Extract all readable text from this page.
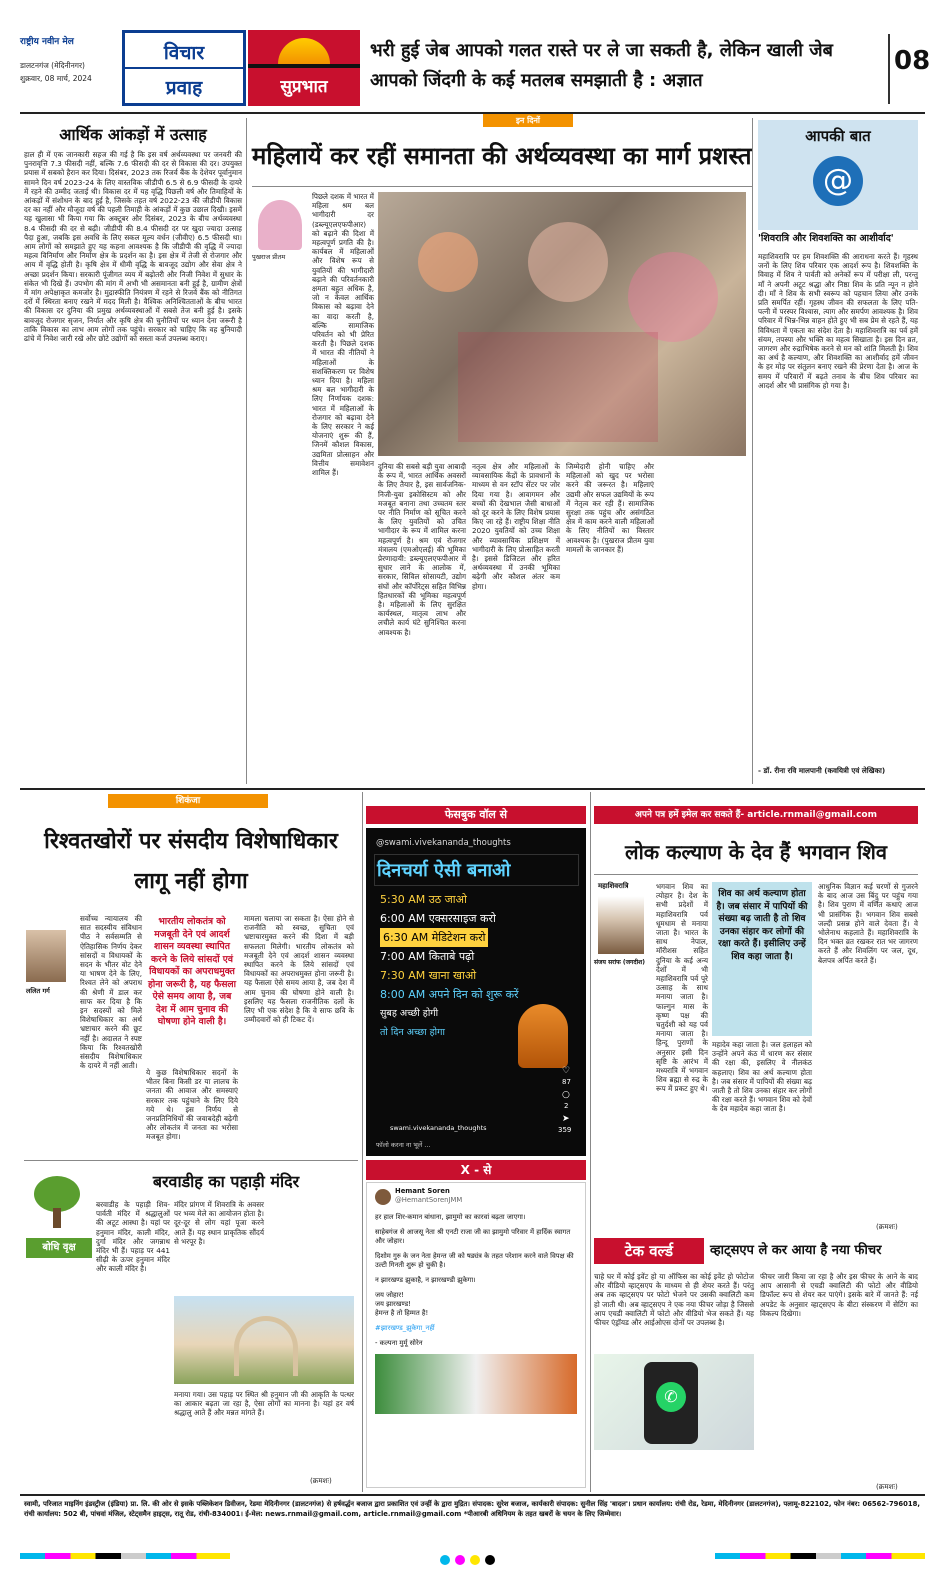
राष्ट्रीय नवीन मेल
डालटनगंज (मेदिनीनगर)
शुक्रवार, 08 मार्च, 2024
विचार
प्रवाह	सुप्रभात
भरी हुई जेब आपको गलत रास्ते पर ले जा सकती है, लेकिन खाली जेब आपको जिंदगी के कई मतलब समझाती है : अज्ञात
08
आर्थिक आंकड़ों में उत्साह
हाल ही में एक जानकारी सहज की गई है कि इस वर्ष अर्थव्यवस्था पर जनवरी की पुनरावृत्ति 7.3 फीसदी नहीं, बल्कि 7.6 फीसदी की दर से विकास की दर। उपयुक्त प्रयास में सबको हैरान कर दिया। दिसंबर, 2023 तक रिजर्व बैंक के देशेयर पूर्वानुमान सामने दिन वर्ष 2023-24 के लिए वास्तविक जीडीपी 6.5 से 6.9 फीसदी के दायरे में रहने की उम्मीद जताई थी। विकास दर में यह वृद्धि पिछली वर्ष और तिमाहियों के आंकड़ों में संशोधन के बाद हुई है, जिसके तहत वर्ष 2022-23 की जीडीपी विकास दर का नहीं और मौजूदा वर्ष की पहली तिमाही के आंकड़ों में कुछ उछाल दिखी। इसमें यह खुलासा भी किया गया कि अक्टूबर और दिसंबर, 2023 के बीच अर्थव्यवस्था 8.4 फीसदी की दर से बढ़ी। जीडीपी की 8.4 फीसदी दर पर खुदा ज्यादा उत्साह पैदा हुआ, जबकि इस अवधि के लिए सकल मूल्य वर्धन (जीवीए) 6.5 फीसदी था। आम लोगों को समझाते हुए यह कहना आवश्यक है कि जीडीपी की वृद्धि में ज्यादा महत्व विनिर्माण और निर्माण क्षेत्र के प्रदर्शन का है। इस क्षेत्र में तेजी से रोजगार और आय में वृद्धि होती है। कृषि क्षेत्र में धीमी वृद्धि के बावजूद उद्योग और सेवा क्षेत्र ने अच्छा प्रदर्शन किया। सरकारी पूंजीगत व्यय में बढ़ोतरी और निजी निवेश में सुधार के संकेत भी दिखे हैं। उपभोग की मांग में अभी भी असमानता बनी हुई है, ग्रामीण क्षेत्रों में मांग अपेक्षाकृत कमजोर है। मुद्रास्फीति नियंत्रण में रहने से रिजर्व बैंक को नीतिगत दरों में स्थिरता बनाए रखने में मदद मिली है। वैश्विक अनिश्चितताओं के बीच भारत की विकास दर दुनिया की प्रमुख अर्थव्यवस्थाओं में सबसे तेज बनी हुई है। इसके बावजूद रोजगार सृजन, निर्यात और कृषि क्षेत्र की चुनौतियों पर ध्यान देना जरूरी है ताकि विकास का लाभ आम लोगों तक पहुंचे। सरकार को चाहिए कि वह बुनियादी ढांचे में निवेश जारी रखे और छोटे उद्योगों को सस्ता कर्ज उपलब्ध कराए।
इन दिनों
महिलायें कर रहीं समानता की अर्थव्यवस्था का मार्ग प्रशस्त
पुखराज प्रीतम
पिछले दशक में भारत में महिला श्रम बल भागीदारी दर (डब्ल्यूएलएफपीआर) को बढ़ाने की दिशा में महत्वपूर्ण प्रगति की है। कार्यबल में महिलाओं और विशेष रूप से युवतियों की भागीदारी बढ़ाने की परिवर्तनकारी क्षमता बहुत अधिक है, जो न केवल आर्थिक विकास को बढ़ावा देने का वादा करती है, बल्कि सामाजिक परिवर्तन को भी प्रेरित करती है। पिछले दशक में भारत की नीतियों ने महिलाओं के सशक्तिकरण पर विशेष ध्यान दिया है। महिला श्रम बल भागीदारी के लिए निर्णायक दशक: भारत में महिलाओं के रोजगार को बढ़ावा देने के लिए सरकार ने कई योजनाएं शुरू की हैं, जिनमें कौशल विकास, उद्यमिता प्रोत्साहन और वित्तीय समावेशन शामिल हैं।
दुनिया की सबसे बड़ी युवा आबादी के रूप में, भारत आर्थिक अवसरों के लिए तैयार है, इस सार्वजनिक-निजी-युवा इकोसिस्टम को और मजबूत बनाना तथा उच्चतम स्तर पर नीति निर्माण को सूचित करने के लिए युवतियों को उचित भागीदार के रूप में शामिल करना महत्वपूर्ण है। श्रम एवं रोजगार मंत्रालय (एमओएलई) की भूमिका प्रेरणादायी: डब्ल्यूएलएफपीआर में सुधार लाने के आलोक में, सरकार, सिविल सोसायटी, उद्योग संघों और कॉर्पोरेट्स सहित विभिन्न हितधारकों की भूमिका महत्वपूर्ण है। महिलाओं के लिए सुरक्षित कार्यस्थल, मातृत्व लाभ और लचीले कार्य घंटे सुनिश्चित करना आवश्यक है।
नतृत्व क्षेत्र और महिलाओं के व्यावसायिक केंद्रों के प्रावधानों के माध्यम से वन स्टॉप सेंटर पर जोर दिया गया है। आवागमन और बच्चों की देखभाल जैसी बाधाओं को दूर करने के लिए विशेष प्रयास किए जा रहे हैं। राष्ट्रीय शिक्षा नीति 2020 युवतियों को उच्च शिक्षा और व्यावसायिक प्रशिक्षण में भागीदारी के लिए प्रोत्साहित करती है। इससे डिजिटल और हरित अर्थव्यवस्था में उनकी भूमिका बढ़ेगी और कौशल अंतर कम होगा।
जिम्मेदारी होनी चाहिए और महिलाओं को खुद पर भरोसा करने की जरूरत है। महिलाएं उद्यमी और सफल उद्यमियों के रूप में नेतृत्व कर रही हैं। सामाजिक सुरक्षा तक पहुंच और असंगठित क्षेत्र में काम करने वाली महिलाओं के लिए नीतियों का विस्तार आवश्यक है। (पुखराज प्रीतम युवा मामलों के जानकार हैं)
आपकी बात
@
'शिवरात्रि और शिवशक्ति का आशीर्वाद'
महाशिवरात्रि पर हम शिवशक्ति की आराधना करते हैं। गृहस्थ जनों के लिए शिव परिवार एक आदर्श रूप है। शिवशक्ति के विवाह में शिव ने पार्वती को अनेकों रूप में परीक्षा ली, परन्तु माँ ने अपनी अटूट श्रद्धा और निष्ठा शिव के प्रति न्यून न होने दी। माँ ने शिव के सभी स्वरूप को पहचान लिया और उनके प्रति समर्पित रहीं। गृहस्थ जीवन की सफलता के लिए पति-पत्नी में परस्पर विश्वास, त्याग और समर्पण आवश्यक है। शिव परिवार में भिन्न-भिन्न वाहन होते हुए भी सब प्रेम से रहते हैं, यह विविधता में एकता का संदेश देता है। महाशिवरात्रि का पर्व हमें संयम, तपस्या और भक्ति का महत्व सिखाता है। इस दिन व्रत, जागरण और रुद्राभिषेक करने से मन को शांति मिलती है। शिव का अर्थ है कल्याण, और शिवशक्ति का आशीर्वाद हमें जीवन के हर मोड़ पर संतुलन बनाए रखने की प्रेरणा देता है। आज के समय में परिवारों में बढ़ते तनाव के बीच शिव परिवार का आदर्श और भी प्रासंगिक हो गया है।
- डॉ. रीना रवि मालपानी (कवयित्री एवं लेखिका)
शिकंजा
रिश्वतखोरों पर संसदीय विशेषाधिकार लागू नहीं होगा
ललित गर्ग
सर्वोच्च न्यायालय की सात सदस्यीय संविधान पीठ ने सर्वसम्मति से ऐतिहासिक निर्णय देकर सांसदों व विधायकों के सदन के भीतर वोट देने या भाषण देने के लिए, रिश्वत लेने को अपराध की श्रेणी में डाल कर साफ कर दिया है कि इन सदस्यों को मिले विशेषाधिकार का अर्थ भ्रष्टाचार करने की छूट नहीं है। अदालत ने स्पष्ट किया कि रिश्वतखोरी संसदीय विशेषाधिकार के दायरे में नहीं आती।
भारतीय लोकतंत्र को मजबूती देने एवं आदर्श शासन व्यवस्था स्थापित करने के लिये सांसदों एवं विधायकों का अपराधमुक्त होना जरूरी है, यह फैसला ऐसे समय आया है, जब देश में आम चुनाव की घोषणा होने वाली है।
ये कुछ विशेषाधिकार सदनों के भीतर बिना किसी डर या लालच के जनता की आवाज और समस्याएं सरकार तक पहुंचाने के लिए दिये गये थे। इस निर्णय से जनप्रतिनिधियों की जवाबदेही बढ़ेगी और लोकतंत्र में जनता का भरोसा मजबूत होगा।
मामला चलाया जा सकता है। ऐसा होने से राजनीति को स्वच्छ, सुचिता एवं भ्रष्टाचारमुक्त करने की दिशा में बड़ी सफलता मिलेगी। भारतीय लोकतंत्र को मजबूती देने एवं आदर्श शासन व्यवस्था स्थापित करने के लिये सांसदों एवं विधायकों का अपराधमुक्त होना जरूरी है। यह फैसला ऐसे समय आया है, जब देश में आम चुनाव की घोषणा होने वाली है। इसलिए यह फैसला राजनीतिक दलों के लिए भी एक संदेश है कि वे साफ छवि के उम्मीदवारों को ही टिकट दें।
बोधि वृक्ष
बरवाडीह का पहाड़ी मंदिर
बरवाडीह के पहाड़ी शिव-पार्वती मंदिर में श्रद्धालुओं की अटूट आस्था है। यहां पर हनुमान मंदिर, काली मंदिर, दुर्गा मंदिर और जगन्नाथ मंदिर भी हैं। पहाड़ पर 441 सीढ़ी के ऊपर हनुमान मंदिर और काली मंदिर है।
मंदिर प्रांगण में शिवरात्रि के अवसर पर भव्य मेले का आयोजन होता है। दूर-दूर से लोग यहां पूजा करने आते हैं। यह स्थान प्राकृतिक सौंदर्य से भरपूर है।
मनाया गया। उस पहाड़ पर स्थित श्री हनुमान जी की आकृति के पत्थर का आकार बढ़ता जा रहा है, ऐसा लोगों का मानना है। यहां हर वर्ष श्रद्धालु आते हैं और मन्नत मांगते हैं।
(क्रमशः)
फेसबुक वॉल से
@swami.vivekananda_thoughts
दिनचर्या ऐसी बनाओ
5:30 AM उठ जाओ
6:00 AM एक्सरसाइज करो
6:30 AM मेडिटेशन करो
7:00 AM किताबे पढ़ो
7:30 AM खाना खाओ
8:00 AM अपने दिन को शुरू करें
सुबह अच्छी होगी
तो दिन अच्छा होगा
♡
87
○
2
➤
359
swami.vivekananda_thoughts
फॉलो करना ना भूलें ...
X - से
Hemant Soren
@HemantSorenJMM
हर हाल शिर-कमान बांधाना, झामुमो का कारवां बढ़ता जाएगा।
साहेबगंज से आजसू नेता श्री एनटी राजा जी का झामुमो परिवार में हार्दिक स्वागत और जोहार।
दिशोम गुरु के जन नेता हेमन्त जी को षड्यंत्र के तहत परेशान करने वाले विपक्ष की उल्टी गिनती शुरू हो चुकी है।
न झारखण्ड झुकाहै, न झारखण्डी झुकेगा।
जय जोहार!
जय झारखण्ड!
हेमन्त है तो हिम्मत है!
#झारखण्ड_झुकेगा_नहीं
- कल्पना मुर्मू सोरेन
अपने पत्र हमें इमेल कर सकते हैं- article.rnmail@gmail.com
लोक कल्याण के देव हैं भगवान शिव
महाशिवरात्रि
संजय सरांफ (जगदीश)
भगवान शिव का त्योहार है। देश के सभी प्रदेशों में महाशिवरात्रि पर्व धूमधाम से मनाया जाता है। भारत के साथ नेपाल, मॉरीशस सहित दुनिया के कई अन्य देशों में भी महाशिवरात्रि पर्व पूरे उत्साह के साथ मनाया जाता है। फाल्गुन मास के कृष्ण पक्ष की चतुर्दशी को यह पर्व मनाया जाता है। हिन्दू पुराणों के अनुसार इसी दिन सृष्टि के आरंभ में मध्यरात्रि में भगवान शिव ब्रह्मा से रुद्र के रूप में प्रकट हुए थे।
शिव का अर्थ कल्याण होता है। जब संसार में पापियों की संख्या बढ़ जाती है तो शिव उनका संहार कर लोगों की रक्षा करते हैं। इसीलिए उन्हें शिव कहा जाता है।
महादेव कहा जाता है। जल हलाहल को उन्होंने अपने कंठ में धारण कर संसार की रक्षा की, इसलिए वे नीलकंठ कहलाए। शिव का अर्थ कल्याण होता है। जब संसार में पापियों की संख्या बढ़ जाती है तो शिव उनका संहार कर लोगों की रक्षा करते हैं। भगवान शिव को देवों के देव महादेव कहा जाता है।
आधुनिक विज्ञान कई चरणों से गुजरने के बाद आज उस बिंदु पर पहुंच गया है। शिव पुराण में वर्णित कथाएं आज भी प्रासंगिक हैं। भगवान शिव सबसे जल्दी प्रसन्न होने वाले देवता हैं। वे भोलेनाथ कहलाते हैं। महाशिवरात्रि के दिन भक्त व्रत रखकर रात भर जागरण करते हैं और शिवलिंग पर जल, दूध, बेलपत्र अर्पित करते हैं।
(क्रमशः)
टेक वर्ल्ड	व्हाट्सएप ले कर आया है नया फीचर
चाहे घर में कोई इवेंट हो या ऑफिस का कोई इवेंट हो फोटोज और वीडियो व्हाट्सएप के माध्यम से ही शेयर करते हैं। परंतु अब तक व्हाट्सएप पर फोटो भेजने पर उसकी क्वालिटी कम हो जाती थी। अब व्हाट्सएप ने एक नया फीचर जोड़ा है जिससे आप एचडी क्वालिटी में फोटो और वीडियो भेज सकते हैं। यह फीचर एंड्रॉयड और आईओएस दोनों पर उपलब्ध है।
✆
फीचर जारी किया जा रहा है और इस फीचर के आने के बाद आप आसानी से एचडी क्वालिटी की फोटो और वीडियो डिफॉल्ट रूप से शेयर कर पाएंगे। इसके बारे में जानते हैं: नई अपडेट के अनुसार व्हाट्सएप के बीटा संस्करण में सेटिंग का विकल्प दिखेगा।
(क्रमशः)
स्वामी, परिजात माइनिंग इंडस्ट्रीज (इंडिया) प्रा. लि. की ओर से इसके पब्लिकेशन डिवीजन, रेडमा मेदिनीनगर (डालटनगंज) से हर्षवर्द्धन बजाज द्वारा प्रकाशित एवं उन्हीं के द्वारा मुद्रित। संपादक: सुरेश बजाज, कार्यकारी संपादक: सुनील सिंह 'बादल'। प्रधान कार्यालय: रांची रोड, रेडमा, मेदिनीनगर (डालटनगंज), पलामू-822102, फोन नंबर: 06562-796018, रांची कार्यालय: 502 बी, पांचवां मंजिल, स्टेट्समैन हाइट्स, रातू रोड, रांची-834001। ई-मेल: news.rnmail@gmail.com, article.rnmail@gmail.com *पीआरबी अधिनियम के तहत खबरों के चयन के लिए जिम्मेवार।
